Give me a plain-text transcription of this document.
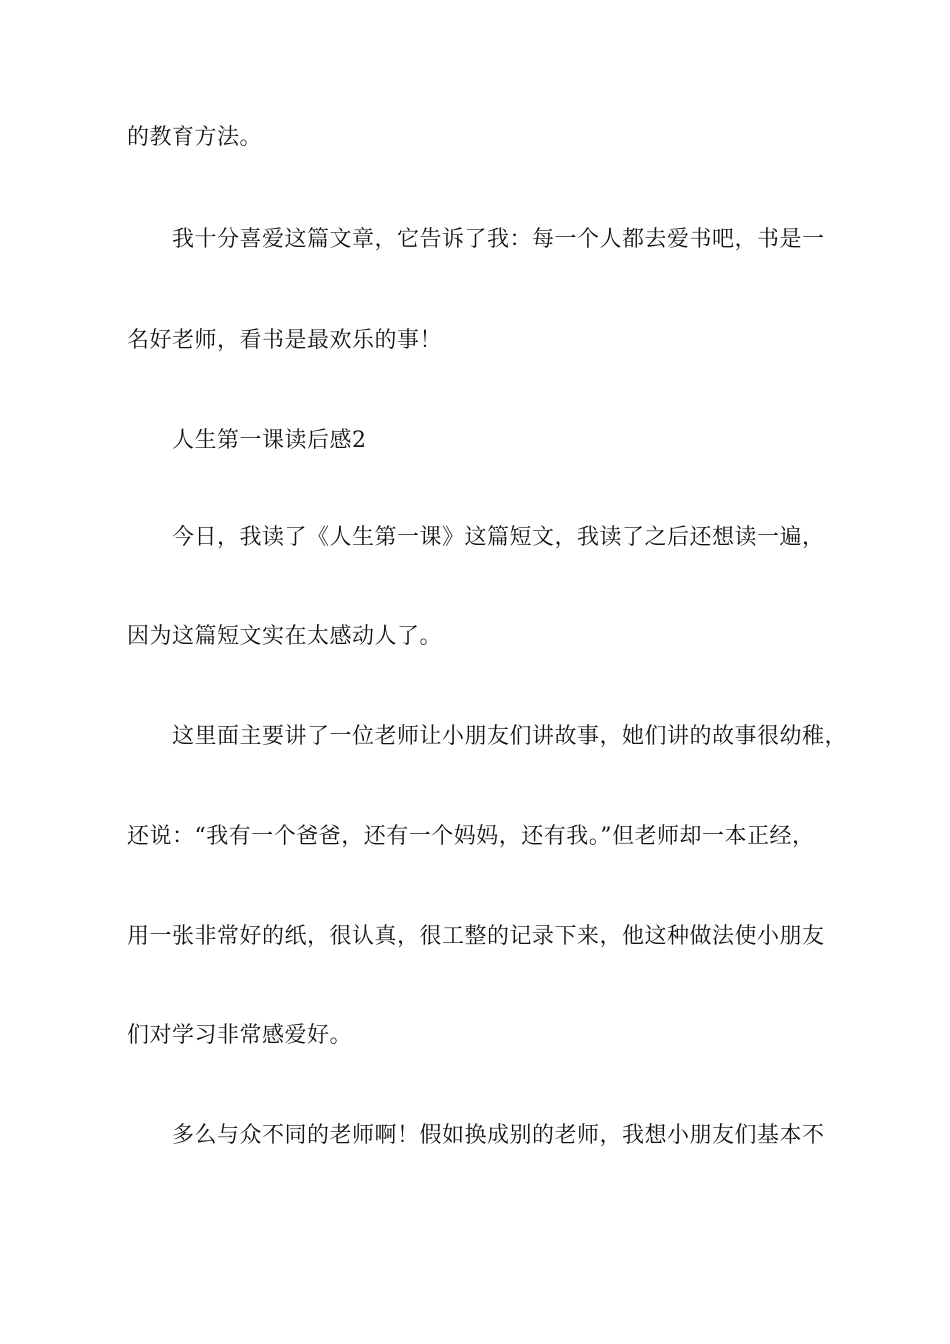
的教育方法。
我十分喜爱这篇文章，它告诉了我：每一个人都去爱书吧，书是一
名好老师，看书是最欢乐的事！
人生第一课读后感2
今日，我读了《人生第一课》这篇短文，我读了之后还想读一遍，
因为这篇短文实在太感动人了。
这里面主要讲了一位老师让小朋友们讲故事，她们讲的故事很幼稚，
还说：“我有一个爸爸，还有一个妈妈，还有我。”但老师却一本正经，
用一张非常好的纸，很认真，很工整的记录下来，他这种做法使小朋友
们对学习非常感爱好。
多么与众不同的老师啊！假如换成别的老师，我想小朋友们基本不
